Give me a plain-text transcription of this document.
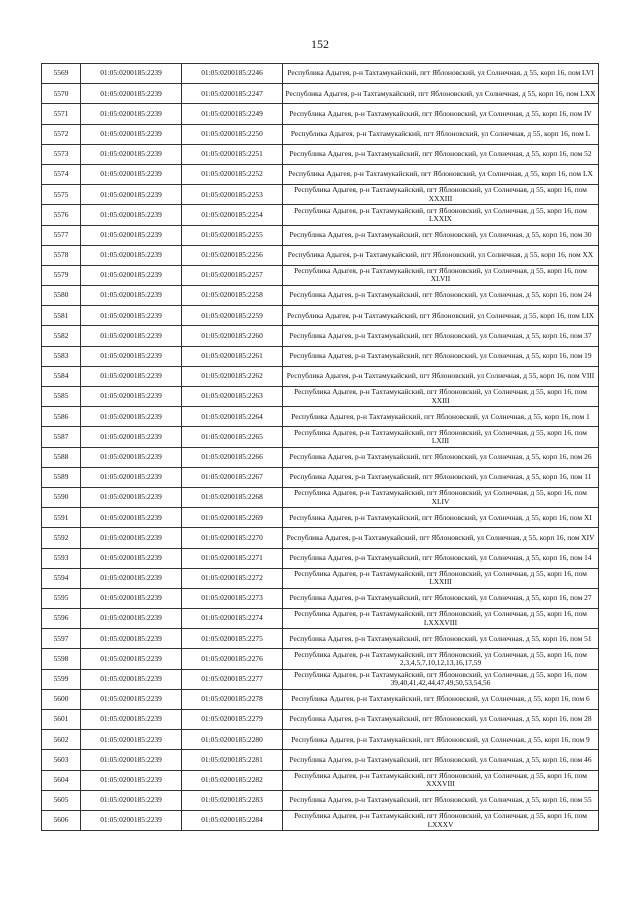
152
5569	01:05:0200185:2239	01:05:0200185:2246	Республика Адыгея, р-н Тахтамукайский, пгт Яблоновский, ул Солнечная, д 55, корп 16, пом LVI
5570	01:05:0200185:2239	01:05:0200185:2247	Республика Адыгея, р-н Тахтамукайский, пгт Яблоновский, ул Солнечная, д 55, корп 16, пом LXX
5571	01:05:0200185:2239	01:05:0200185:2249	Республика Адыгея, р-н Тахтамукайский, пгт Яблоновский, ул Солнечная, д 55, корп 16, пом IV
5572	01:05:0200185:2239	01:05:0200185:2250	Республика Адыгея, р-н Тахтамукайский, пгт Яблоновский, ул Солнечная, д 55, корп 16, пом L
5573	01:05:0200185:2239	01:05:0200185:2251	Республика Адыгея, р-н Тахтамукайский, пгт Яблоновский, ул Солнечная, д 55, корп 16, пом 52
5574	01:05:0200185:2239	01:05:0200185:2252	Республика Адыгея, р-н Тахтамукайский, пгт Яблоновский, ул Солнечная, д 55, корп 16, пом LX
5575	01:05:0200185:2239	01:05:0200185:2253	Республика Адыгея, р-н Тахтамукайский, пгт Яблоновский, ул Солнечная, д 55, корп 16, пом XXXIII
5576	01:05:0200185:2239	01:05:0200185:2254	Республика Адыгея, р-н Тахтамукайский, пгт Яблоновский, ул Солнечная, д 55, корп 16, пом LXXIX
5577	01:05:0200185:2239	01:05:0200185:2255	Республика Адыгея, р-н Тахтамукайский, пгт Яблоновский, ул Солнечная, д 55, корп 16, пом 30
5578	01:05:0200185:2239	01:05:0200185:2256	Республика Адыгея, р-н Тахтамукайский, пгт Яблоновский, ул Солнечная, д 55, корп 16, пом XX
5579	01:05:0200185:2239	01:05:0200185:2257	Республика Адыгея, р-н Тахтамукайский, пгт Яблоновский, ул Солнечная, д 55, корп 16, пом XLVII
5580	01:05:0200185:2239	01:05:0200185:2258	Республика Адыгея, р-н Тахтамукайский, пгт Яблоновский, ул Солнечная, д 55, корп 16, пом 24
5581	01:05:0200185:2239	01:05:0200185:2259	Республика Адыгея, р-н Тахтамукайский, пгт Яблоновский, ул Солнечная, д 55, корп 16, пом LIX
5582	01:05:0200185:2239	01:05:0200185:2260	Республика Адыгея, р-н Тахтамукайский, пгт Яблоновский, ул Солнечная, д 55, корп 16, пом 37
5583	01:05:0200185:2239	01:05:0200185:2261	Республика Адыгея, р-н Тахтамукайский, пгт Яблоновский, ул Солнечная, д 55, корп 16, пом 19
5584	01:05:0200185:2239	01:05:0200185:2262	Республика Адыгея, р-н Тахтамукайский, пгт Яблоновский, ул Солнечная, д 55, корп 16, пом VIII
5585	01:05:0200185:2239	01:05:0200185:2263	Республика Адыгея, р-н Тахтамукайский, пгт Яблоновский, ул Солнечная, д 55, корп 16, пом XXIII
5586	01:05:0200185:2239	01:05:0200185:2264	Республика Адыгея, р-н Тахтамукайский, пгт Яблоновский, ул Солнечная, д 55, корп 16, пом 1
5587	01:05:0200185:2239	01:05:0200185:2265	Республика Адыгея, р-н Тахтамукайский, пгт Яблоновский, ул Солнечная, д 55, корп 16, пом LXIII
5588	01:05:0200185:2239	01:05:0200185:2266	Республика Адыгея, р-н Тахтамукайский, пгт Яблоновский, ул Солнечная, д 55, корп 16, пом 26
5589	01:05:0200185:2239	01:05:0200185:2267	Республика Адыгея, р-н Тахтамукайский, пгт Яблоновский, ул Солнечная, д 55, корп 16, пом 11
5590	01:05:0200185:2239	01:05:0200185:2268	Республика Адыгея, р-н Тахтамукайский, пгт Яблоновский, ул Солнечная, д 55, корп 16, пом XLIV
5591	01:05:0200185:2239	01:05:0200185:2269	Республика Адыгея, р-н Тахтамукайский, пгт Яблоновский, ул Солнечная, д 55, корп 16, пом XI
5592	01:05:0200185:2239	01:05:0200185:2270	Республика Адыгея, р-н Тахтамукайский, пгт Яблоновский, ул Солнечная, д 55, корп 16, пом XIV
5593	01:05:0200185:2239	01:05:0200185:2271	Республика Адыгея, р-н Тахтамукайский, пгт Яблоновский, ул Солнечная, д 55, корп 16, пом 14
5594	01:05:0200185:2239	01:05:0200185:2272	Республика Адыгея, р-н Тахтамукайский, пгт Яблоновский, ул Солнечная, д 55, корп 16, пом LXXIII
5595	01:05:0200185:2239	01:05:0200185:2273	Республика Адыгея, р-н Тахтамукайский, пгт Яблоновский, ул Солнечная, д 55, корп 16, пом 27
5596	01:05:0200185:2239	01:05:0200185:2274	Республика Адыгея, р-н Тахтамукайский, пгт Яблоновский, ул Солнечная, д 55, корп 16, пом LXXXVIII
5597	01:05:0200185:2239	01:05:0200185:2275	Республика Адыгея, р-н Тахтамукайский, пгт Яблоновский, ул Солнечная, д 55, корп 16, пом 51
5598	01:05:0200185:2239	01:05:0200185:2276	Республика Адыгея, р-н Тахтамукайский, пгт Яблоновский, ул Солнечная, д 55, корп 16, пом 2,3,4,5,7,10,12,13,16,17,59
5599	01:05:0200185:2239	01:05:0200185:2277	Республика Адыгея, р-н Тахтамукайский, пгт Яблоновский, ул Солнечная, д 55, корп 16, пом 39,40,41,42,44,47,49,50,53,54,56
5600	01:05:0200185:2239	01:05:0200185:2278	Республика Адыгея, р-н Тахтамукайский, пгт Яблоновский, ул Солнечная, д 55, корп 16, пом 6
5601	01:05:0200185:2239	01:05:0200185:2279	Республика Адыгея, р-н Тахтамукайский, пгт Яблоновский, ул Солнечная, д 55, корп 16, пом 28
5602	01:05:0200185:2239	01:05:0200185:2280	Республика Адыгея, р-н Тахтамукайский, пгт Яблоновский, ул Солнечная, д 55, корп 16, пом 9
5603	01:05:0200185:2239	01:05:0200185:2281	Республика Адыгея, р-н Тахтамукайский, пгт Яблоновский, ул Солнечная, д 55, корп 16, пом 46
5604	01:05:0200185:2239	01:05:0200185:2282	Республика Адыгея, р-н Тахтамукайский, пгт Яблоновский, ул Солнечная, д 55, корп 16, пом XXXVIII
5605	01:05:0200185:2239	01:05:0200185:2283	Республика Адыгея, р-н Тахтамукайский, пгт Яблоновский, ул Солнечная, д 55, корп 16, пом 55
5606	01:05:0200185:2239	01:05:0200185:2284	Республика Адыгея, р-н Тахтамукайский, пгт Яблоновский, ул Солнечная, д 55, корп 16, пом LXXXV
